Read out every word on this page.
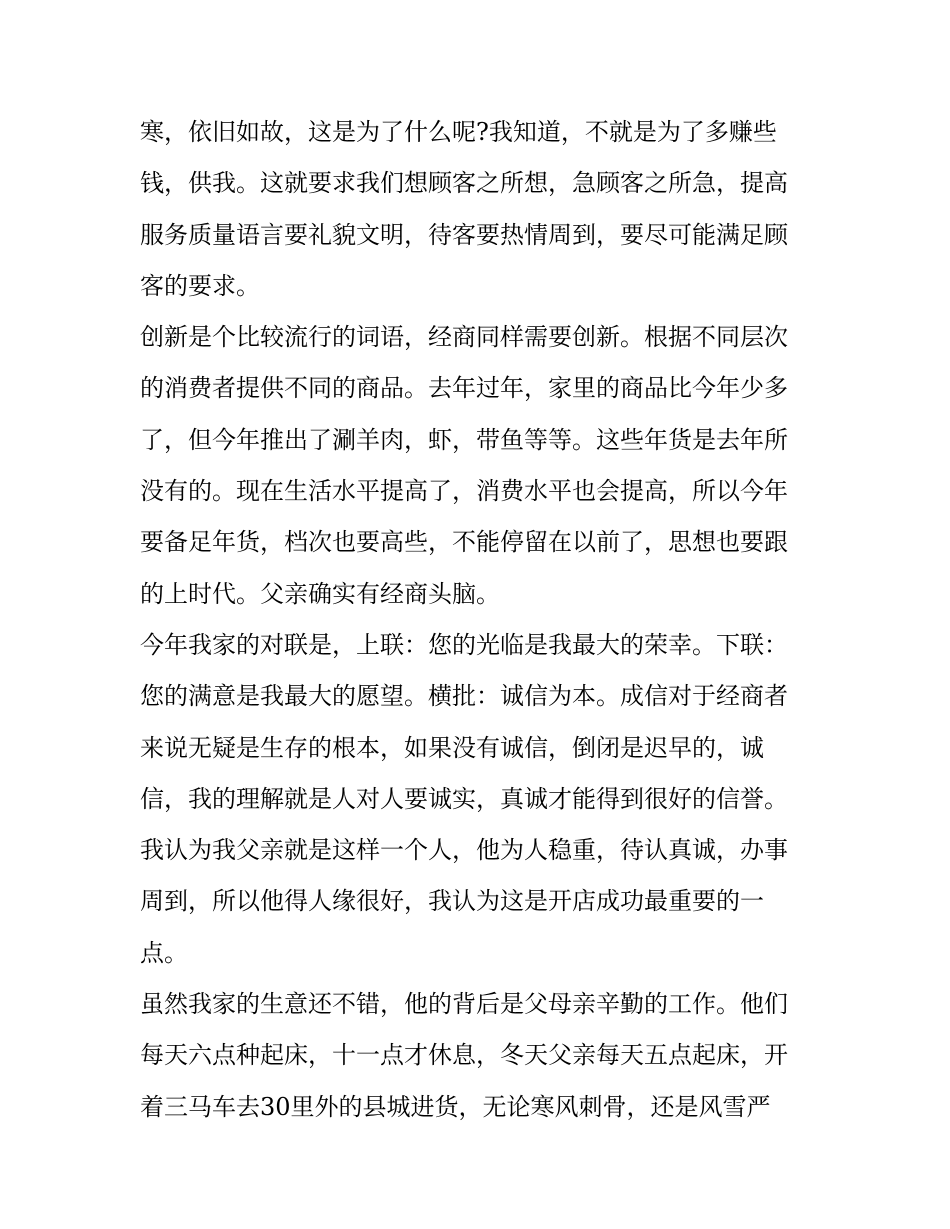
寒，依旧如故，这是为了什么呢?我知道，不就是为了多赚些
钱，供我。这就要求我们想顾客之所想，急顾客之所急，提高
服务质量语言要礼貌文明，待客要热情周到，要尽可能满足顾
客的要求。
创新是个比较流行的词语，经商同样需要创新。根据不同层次
的消费者提供不同的商品。去年过年，家里的商品比今年少多
了，但今年推出了涮羊肉，虾，带鱼等等。这些年货是去年所
没有的。现在生活水平提高了，消费水平也会提高，所以今年
要备足年货，档次也要高些，不能停留在以前了，思想也要跟
的上时代。父亲确实有经商头脑。
今年我家的对联是，上联：您的光临是我最大的荣幸。下联：
您的满意是我最大的愿望。横批：诚信为本。成信对于经商者
来说无疑是生存的根本，如果没有诚信，倒闭是迟早的，诚
信，我的理解就是人对人要诚实，真诚才能得到很好的信誉。
我认为我父亲就是这样一个人，他为人稳重，待认真诚，办事
周到，所以他得人缘很好，我认为这是开店成功最重要的一
点。
虽然我家的生意还不错，他的背后是父母亲辛勤的工作。他们
每天六点种起床，十一点才休息，冬天父亲每天五点起床，开
着三马车去30里外的县城进货，无论寒风刺骨，还是风雪严
